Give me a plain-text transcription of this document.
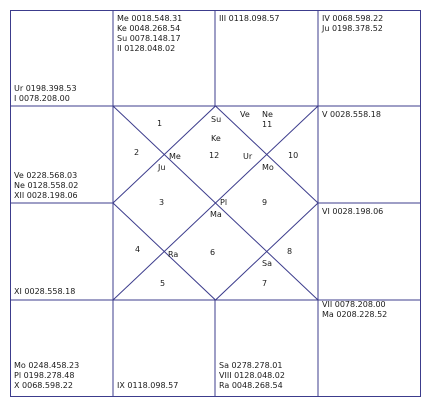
Me 0018.548.31
Ke 0048.268.54
Su 0078.148.17
II 0128.048.02
III 0118.098.57	IV 0068.598.22
Ju 0198.378.52
Ur 0198.398.53
I 0078.208.00
Ve 0228.568.03
Ne 0128.558.02
XII 0028.198.06
V 0028.558.18
XI 0028.558.18
VI 0028.198.06
VII 0078.208.00
Ma 0208.228.52
Mo 0248.458.23
Pl 0198.278.48
X 0068.598.22	IX 0118.098.57
Sa 0278.278.01
VIII 0128.048.02
Ra 0048.268.54
1
2
3
4
5
6
7
8
9
10
11
12
Su
Ke
Ve Ne
Me
Ju
Ur
Mo
Pl
Ma
Ra
Sa
